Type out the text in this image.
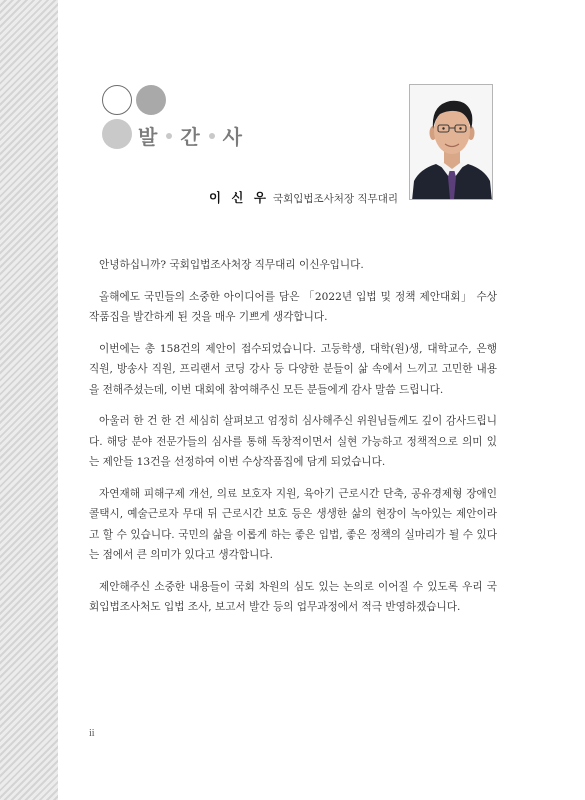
발 간 사
이 신 우 국회입법조사처장 직무대리

안녕하십니까? 국회입법조사처장 직무대리 이신우입니다.

올해에도 국민들의 소중한 아이디어를 담은 「2022년 입법 및 정책 제안대회」 수상작품집을 발간하게 된 것을 매우 기쁘게 생각합니다.

이번에는 총 158건의 제안이 접수되었습니다. 고등학생, 대학(원)생, 대학교수, 은행 직원, 방송사 직원, 프리랜서 코딩 강사 등 다양한 분들이 삶 속에서 느끼고 고민한 내용을 전해주셨는데, 이번 대회에 참여해주신 모든 분들에게 감사 말씀 드립니다.

아울러 한 건 한 건 세심히 살펴보고 엄정히 심사해주신 위원님들께도 깊이 감사드립니다. 해당 분야 전문가들의 심사를 통해 독창적이면서 실현 가능하고 정책적으로 의미 있는 제안들 13건을 선정하여 이번 수상작품집에 담게 되었습니다.

자연재해 피해구제 개선, 의료 보호자 지원, 육아기 근로시간 단축, 공유경제형 장애인 콜택시, 예술근로자 무대 뒤 근로시간 보호 등은 생생한 삶의 현장이 녹아있는 제안이라고 할 수 있습니다. 국민의 삶을 이롭게 하는 좋은 입법, 좋은 정책의 실마리가 될 수 있다는 점에서 큰 의미가 있다고 생각합니다.

제안해주신 소중한 내용들이 국회 차원의 심도 있는 논의로 이어질 수 있도록 우리 국회입법조사처도 입법 조사, 보고서 발간 등의 업무과정에서 적극 반영하겠습니다.

ii
